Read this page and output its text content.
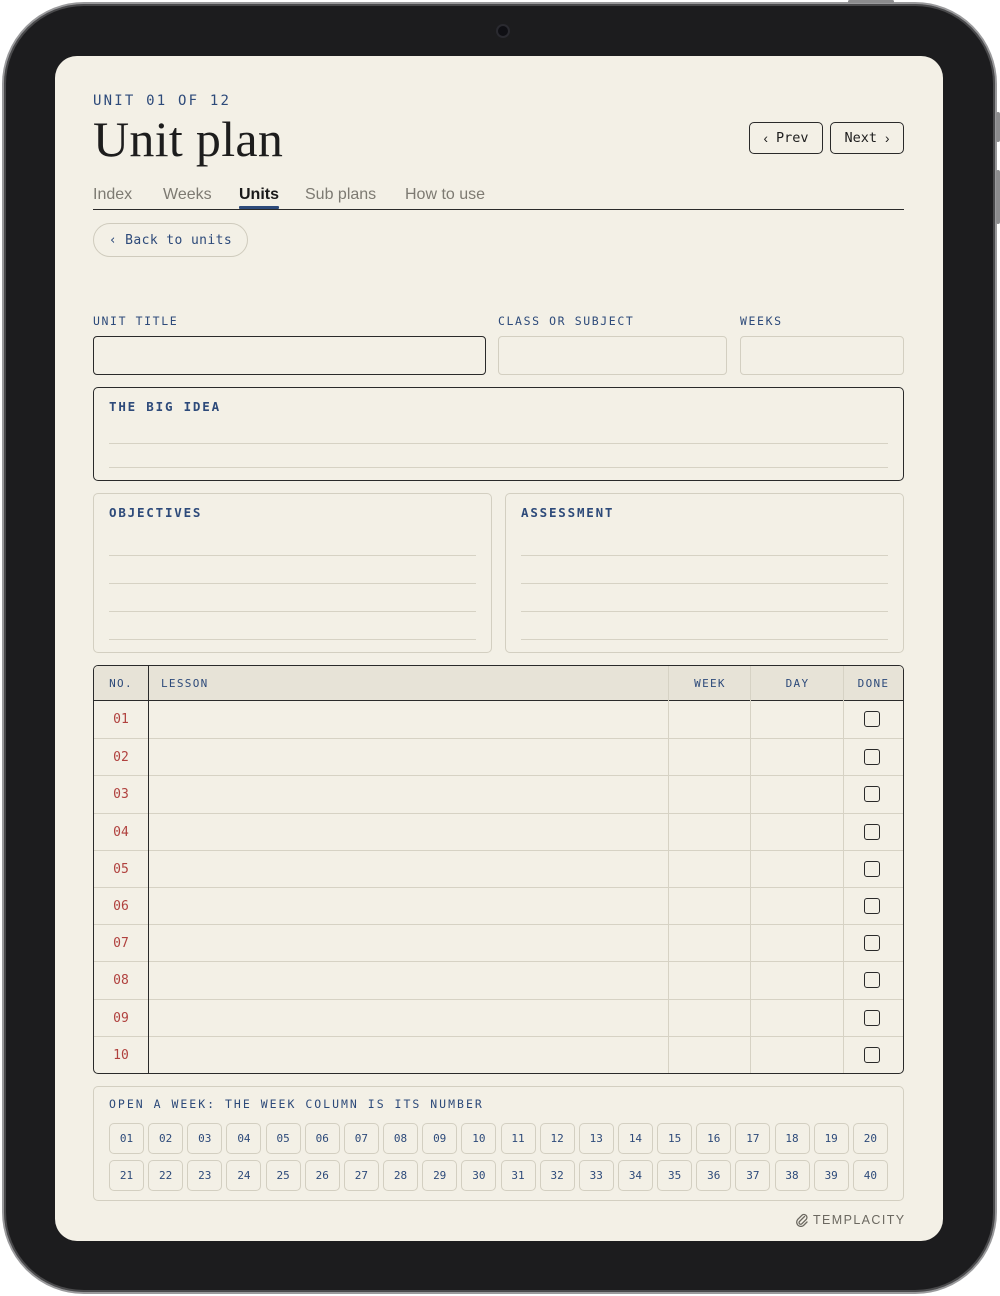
UNIT 01 OF 12
Unit plan	‹ Prev	Next ›
Index Weeks Units Sub plans How to use
‹ Back to units
UNIT TITLE	CLASS OR SUBJECT	WEEKS
THE BIG IDEA
OBJECTIVES	ASSESSMENT
NO.	LESSON	WEEK	DAY	DONE
01
02
03
04
05
06
07
08
09
10
OPEN A WEEK: THE WEEK COLUMN IS ITS NUMBER
01	02	03	04	05	06	07	08	09	10	11	12	13	14	15	16	17	18	19	20
21	22	23	24	25	26	27	28	29	30	31	32	33	34	35	36	37	38	39	40
TEMPLACITY
